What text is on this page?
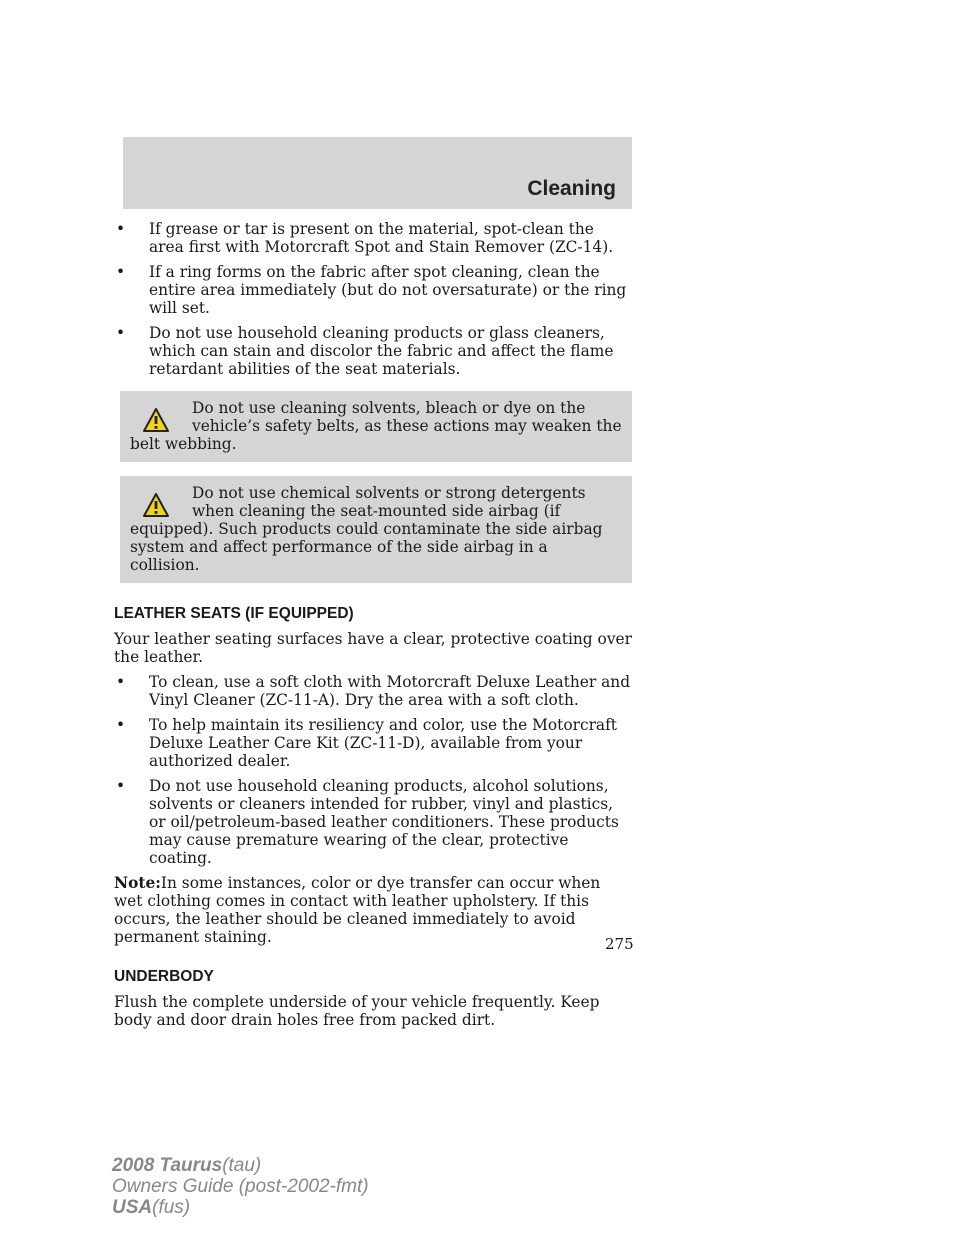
Cleaning
• If grease or tar is present on the material, spot-clean the area first with Motorcraft Spot and Stain Remover (ZC-14).
• If a ring forms on the fabric after spot cleaning, clean the entire area immediately (but do not oversaturate) or the ring will set.
• Do not use household cleaning products or glass cleaners, which can stain and discolor the fabric and affect the flame retardant abilities of the seat materials.

Do not use cleaning solvents, bleach or dye on the vehicle’s safety belts, as these actions may weaken the belt webbing.

Do not use chemical solvents or strong detergents when cleaning the seat-mounted side airbag (if equipped). Such products could contaminate the side airbag system and affect performance of the side airbag in a collision.

LEATHER SEATS (IF EQUIPPED)

Your leather seating surfaces have a clear, protective coating over the leather.

• To clean, use a soft cloth with Motorcraft Deluxe Leather and Vinyl Cleaner (ZC-11-A). Dry the area with a soft cloth.
• To help maintain its resiliency and color, use the Motorcraft Deluxe Leather Care Kit (ZC-11-D), available from your authorized dealer.
• Do not use household cleaning products, alcohol solutions, solvents or cleaners intended for rubber, vinyl and plastics, or oil/petroleum-based leather conditioners. These products may cause premature wearing of the clear, protective coating.

Note:In some instances, color or dye transfer can occur when wet clothing comes in contact with leather upholstery. If this occurs, the leather should be cleaned immediately to avoid permanent staining.

UNDERBODY

Flush the complete underside of your vehicle frequently. Keep body and door drain holes free from packed dirt.

275
2008 Taurus(tau)
Owners Guide (post-2002-fmt)
USA(fus)
